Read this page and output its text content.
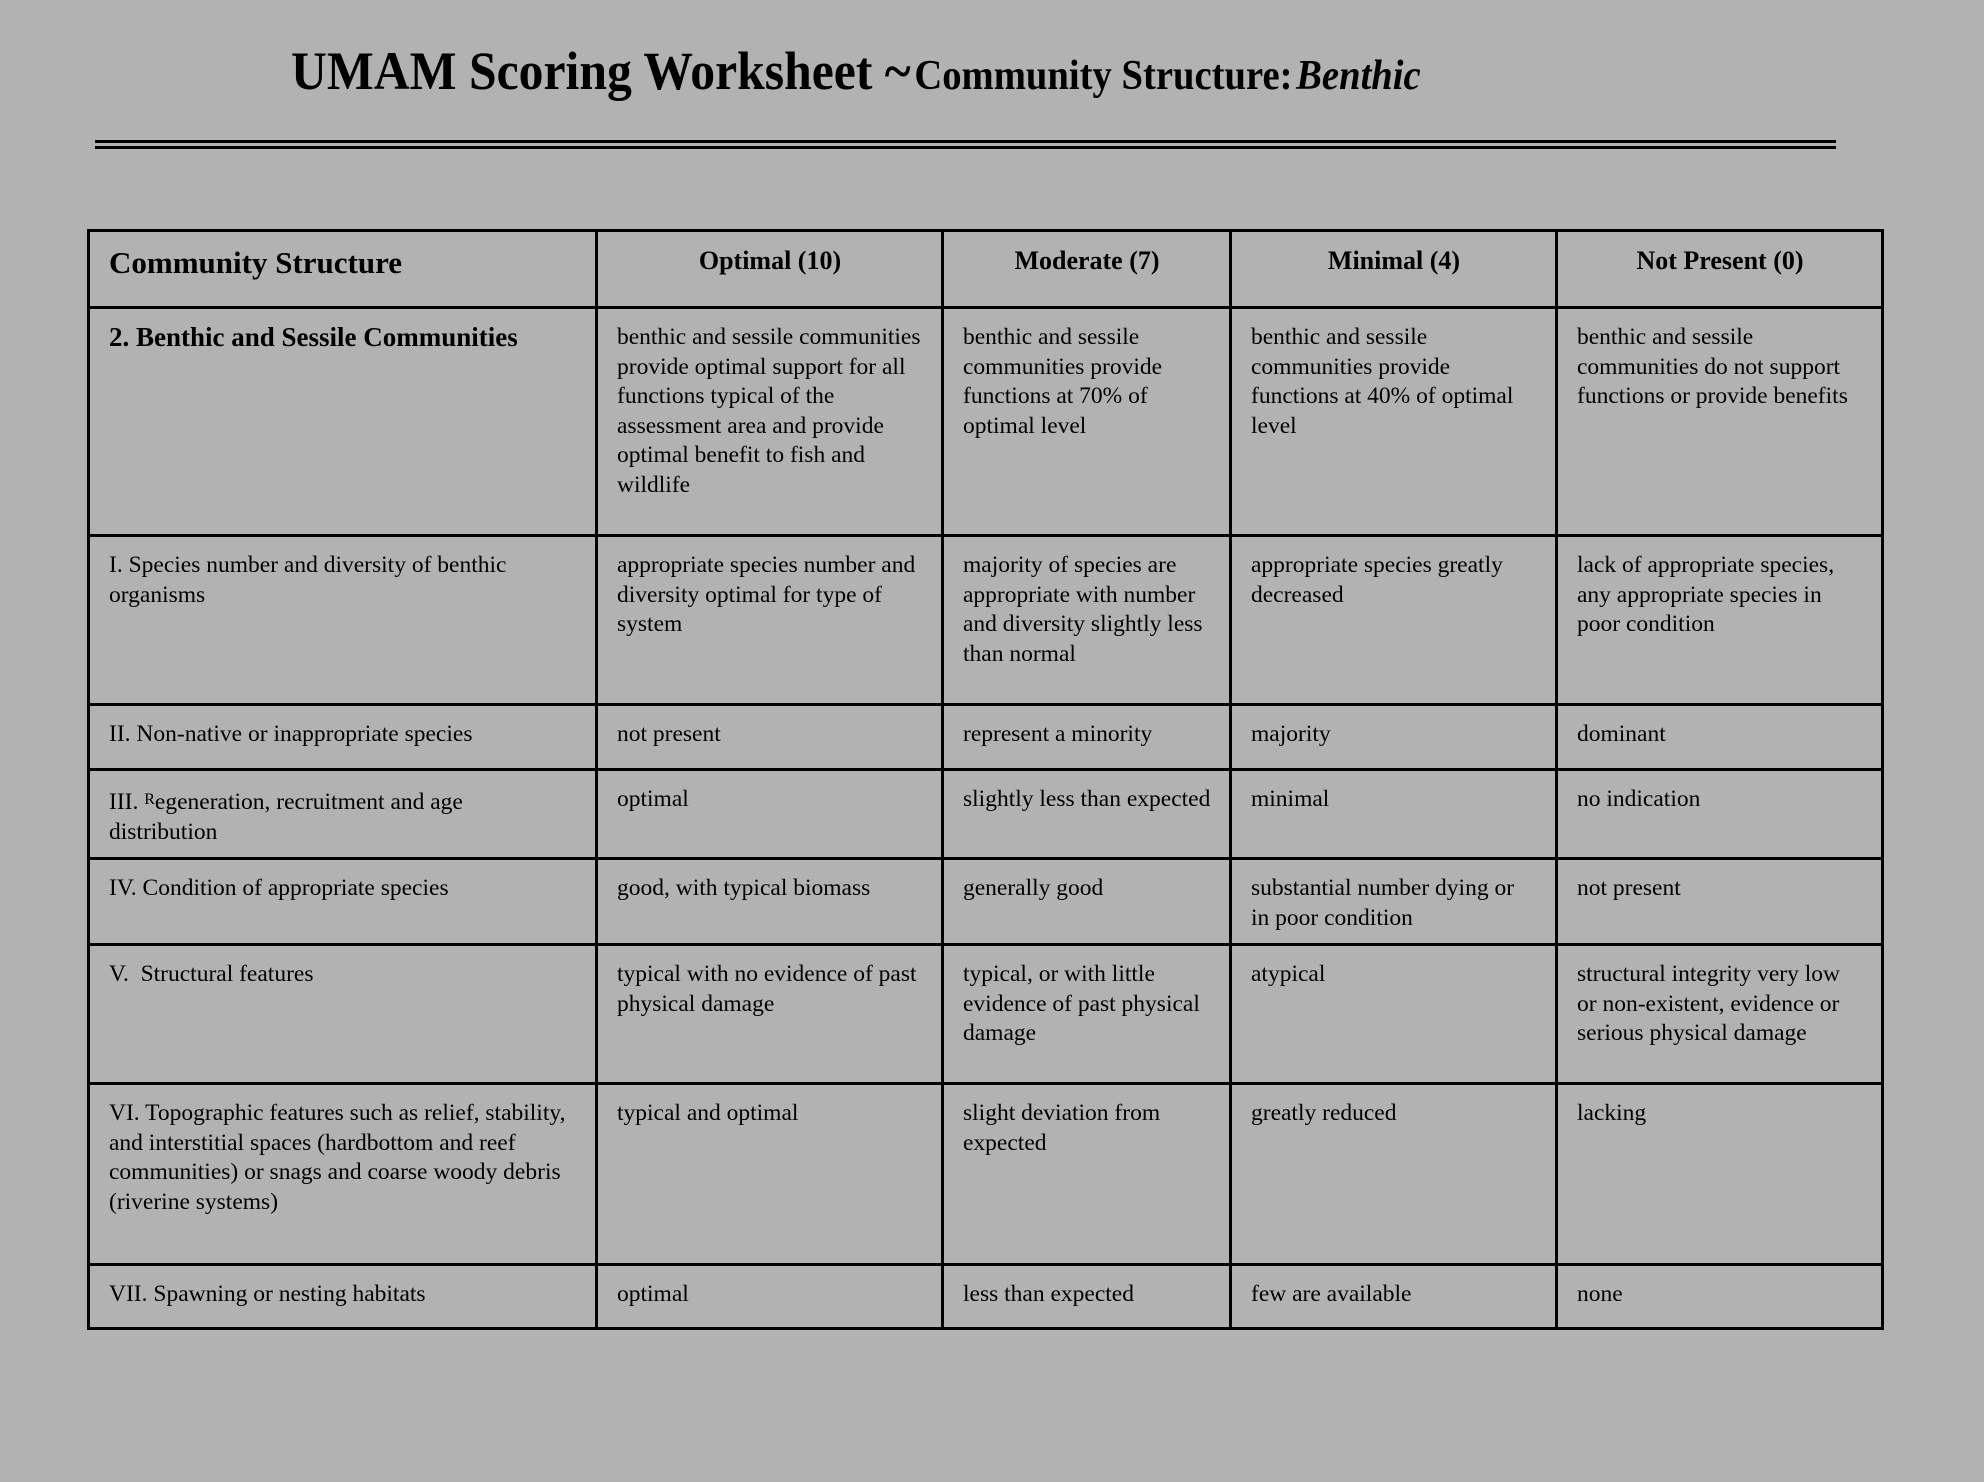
UMAM Scoring Worksheet ~ Community Structure: Benthic
Community Structure	Optimal (10)	Moderate (7)	Minimal (4)	Not Present (0)
2. Benthic and Sessile Communities	benthic and sessile communities provide optimal support for all functions typical of the assessment area and provide optimal benefit to fish and wildlife	benthic and sessile communities provide functions at 70% of optimal level	benthic and sessile communities provide functions at 40% of optimal level	benthic and sessile communities do not support functions or provide benefits
I. Species number and diversity of benthic organisms	appropriate species number and diversity optimal for type of system	majority of species are appropriate with number and diversity slightly less than normal	appropriate species greatly decreased	lack of appropriate species, any appropriate species in poor condition
II. Non-native or inappropriate species	not present	represent a minority	majority	dominant
III. $^R$egeneration, recruitment and age distribution	optimal	slightly less than expected	minimal	no indication
IV. Condition of appropriate species	good, with typical biomass	generally good	substantial number dying or in poor condition	not present
V.  Structural features	typical with no evidence of past physical damage	typical, or with little evidence of past physical damage	atypical	structural integrity very low or non-existent, evidence or serious physical damage
VI. Topographic features such as relief, stability, and interstitial spaces (hardbottom and reef communities) or snags and coarse woody debris (riverine systems)	typical and optimal	slight deviation from expected	greatly reduced	lacking
VII. Spawning or nesting habitats	optimal	less than expected	few are available	none
